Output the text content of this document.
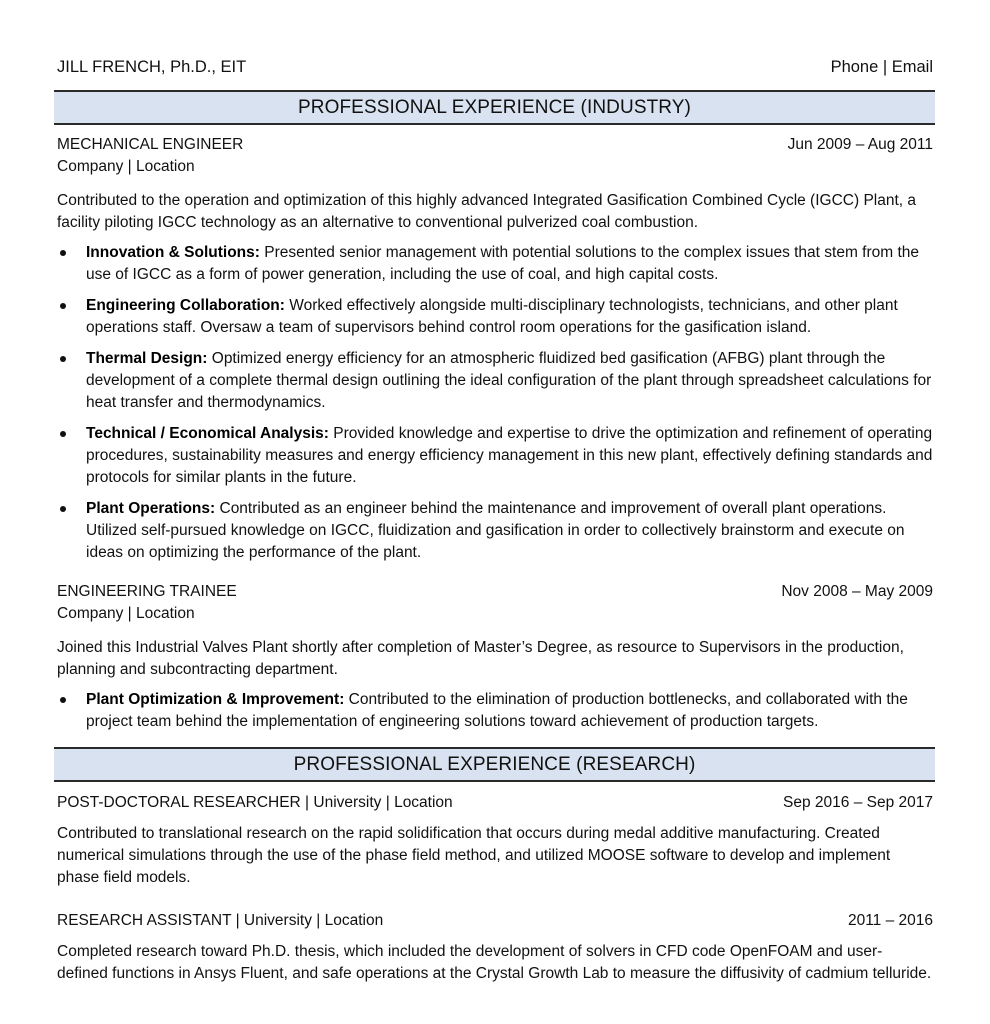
JILL FRENCH, Ph.D., EIT	Phone | Email
PROFESSIONAL EXPERIENCE (INDUSTRY)
MECHANICAL ENGINEER	Jun 2009 – Aug 2011
Company | Location
Contributed to the operation and optimization of this highly advanced Integrated Gasification Combined Cycle (IGCC) Plant, a facility piloting IGCC technology as an alternative to conventional pulverized coal combustion.
Innovation & Solutions: Presented senior management with potential solutions to the complex issues that stem from the use of IGCC as a form of power generation, including the use of coal, and high capital costs.
Engineering Collaboration: Worked effectively alongside multi-disciplinary technologists, technicians, and other plant operations staff. Oversaw a team of supervisors behind control room operations for the gasification island.
Thermal Design: Optimized energy efficiency for an atmospheric fluidized bed gasification (AFBG) plant through the development of a complete thermal design outlining the ideal configuration of the plant through spreadsheet calculations for heat transfer and thermodynamics.
Technical / Economical Analysis: Provided knowledge and expertise to drive the optimization and refinement of operating procedures, sustainability measures and energy efficiency management in this new plant, effectively defining standards and protocols for similar plants in the future.
Plant Operations: Contributed as an engineer behind the maintenance and improvement of overall plant operations. Utilized self-pursued knowledge on IGCC, fluidization and gasification in order to collectively brainstorm and execute on ideas on optimizing the performance of the plant.
ENGINEERING TRAINEE	Nov 2008 – May 2009
Company | Location
Joined this Industrial Valves Plant shortly after completion of Master’s Degree, as resource to Supervisors in the production, planning and subcontracting department.
Plant Optimization & Improvement: Contributed to the elimination of production bottlenecks, and collaborated with the project team behind the implementation of engineering solutions toward achievement of production targets.
PROFESSIONAL EXPERIENCE (RESEARCH)
POST-DOCTORAL RESEARCHER | University | Location	Sep 2016 – Sep 2017
Contributed to translational research on the rapid solidification that occurs during medal additive manufacturing. Created numerical simulations through the use of the phase field method, and utilized MOOSE software to develop and implement phase field models.
RESEARCH ASSISTANT | University | Location	2011 – 2016
Completed research toward Ph.D. thesis, which included the development of solvers in CFD code OpenFOAM and user-defined functions in Ansys Fluent, and safe operations at the Crystal Growth Lab to measure the diffusivity of cadmium telluride.
